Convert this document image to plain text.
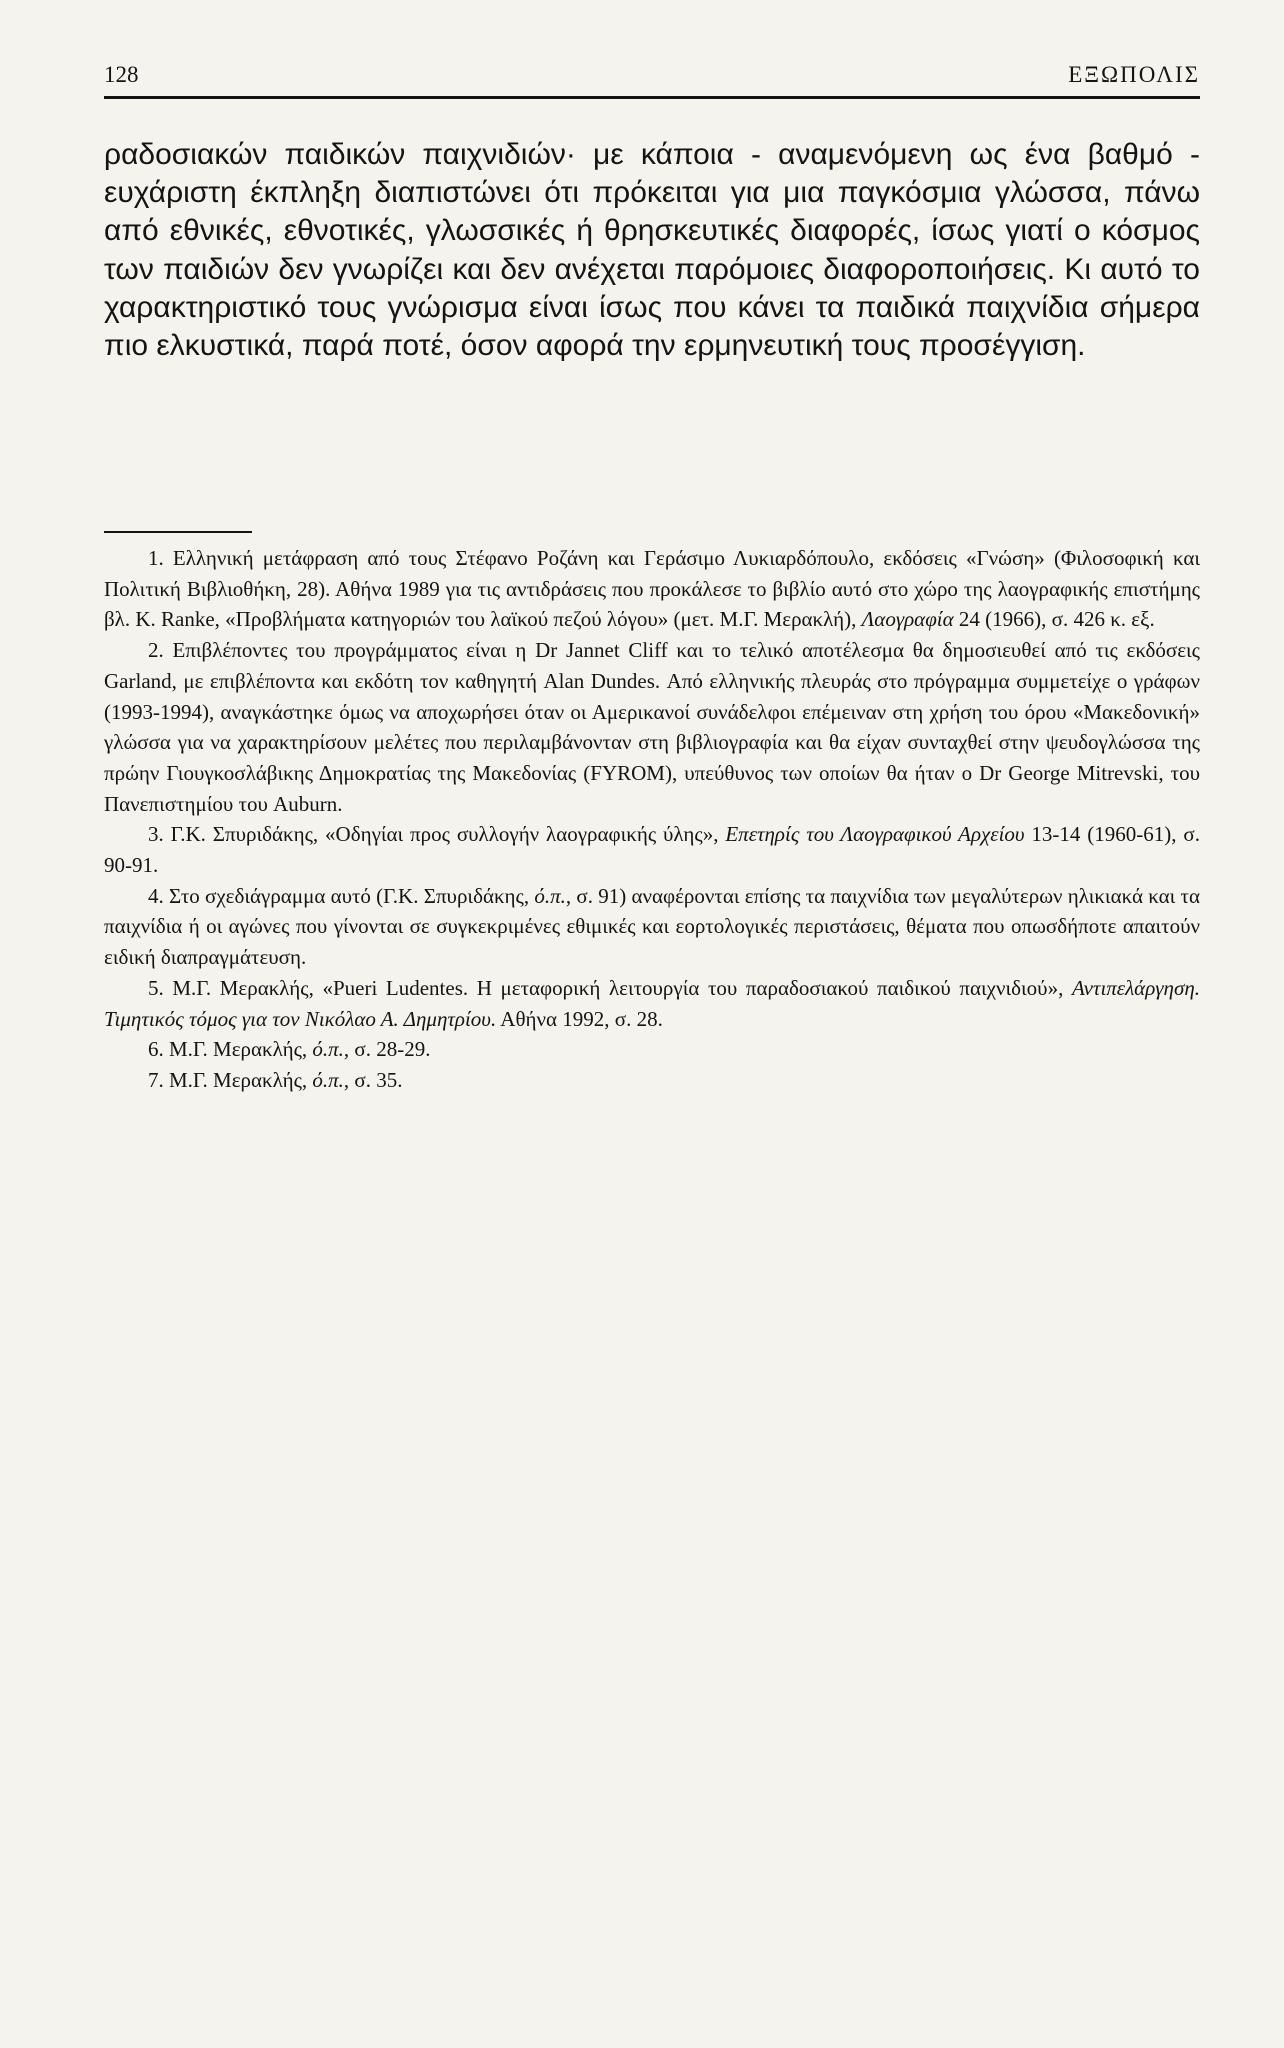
128	ΕΞΩΠΟΛΙΣ

ραδοσιακών παιδικών παιχνιδιών· με κάποια - αναμενόμενη ως ένα βαθμό - ευχάριστη έκπληξη διαπιστώνει ότι πρόκειται για μια παγκόσμια γλώσσα, πάνω από εθνικές, εθνοτικές, γλωσσικές ή θρησκευτικές διαφορές, ίσως γιατί ο κόσμος των παιδιών δεν γνωρίζει και δεν ανέχεται παρόμοιες διαφοροποιήσεις. Κι αυτό το χαρακτηριστικό τους γνώρισμα είναι ίσως που κάνει τα παιδικά παιχνίδια σήμερα πιο ελκυστικά, παρά ποτέ, όσον αφορά την ερμηνευτική τους προσέγγιση.

1. Ελληνική μετάφραση από τους Στέφανο Ροζάνη και Γεράσιμο Λυκιαρδόπουλο, εκδόσεις «Γνώση» (Φιλοσοφική και Πολιτική Βιβλιοθήκη, 28). Αθήνα 1989 για τις αντιδράσεις που προκάλεσε το βιβλίο αυτό στο χώρο της λαογραφικής επιστήμης βλ. K. Ranke, «Προβλήματα κατηγοριών του λαϊκού πεζού λόγου» (μετ. Μ.Γ. Μερακλή), Λαογραφία 24 (1966), σ. 426 κ. εξ.

2. Επιβλέποντες του προγράμματος είναι η Dr Jannet Cliff και το τελικό αποτέλεσμα θα δημοσιευθεί από τις εκδόσεις Garland, με επιβλέποντα και εκδότη τον καθηγητή Alan Dundes. Από ελληνικής πλευράς στο πρόγραμμα συμμετείχε ο γράφων (1993-1994), αναγκάστηκε όμως να αποχωρήσει όταν οι Αμερικανοί συνάδελφοι επέμειναν στη χρήση του όρου «Μακεδονική» γλώσσα για να χαρακτηρίσουν μελέτες που περιλαμβάνονταν στη βιβλιογραφία και θα είχαν συνταχθεί στην ψευδογλώσσα της πρώην Γιουγκοσλάβικης Δημοκρατίας της Μακεδονίας (FYROM), υπεύθυνος των οποίων θα ήταν ο Dr George Mitrevski, του Πανεπιστημίου του Auburn.

3. Γ.Κ. Σπυριδάκης, «Οδηγίαι προς συλλογήν λαογραφικής ύλης», Επετηρίς του Λαογραφικού Αρχείου 13-14 (1960-61), σ. 90-91.

4. Στο σχεδιάγραμμα αυτό (Γ.Κ. Σπυριδάκης, ό.π., σ. 91) αναφέρονται επίσης τα παιχνίδια των μεγαλύτερων ηλικιακά και τα παιχνίδια ή οι αγώνες που γίνονται σε συγκεκριμένες εθιμικές και εορτολογικές περιστάσεις, θέματα που οπωσδήποτε απαιτούν ειδική διαπραγμάτευση.

5. Μ.Γ. Μερακλής, «Pueri Ludentes. Η μεταφορική λειτουργία του παραδοσιακού παιδικού παιχνιδιού», Αντιπελάργηση. Τιμητικός τόμος για τον Νικόλαο Α. Δημητρίου. Αθήνα 1992, σ. 28.

6. Μ.Γ. Μερακλής, ό.π., σ. 28-29.

7. Μ.Γ. Μερακλής, ό.π., σ. 35.
